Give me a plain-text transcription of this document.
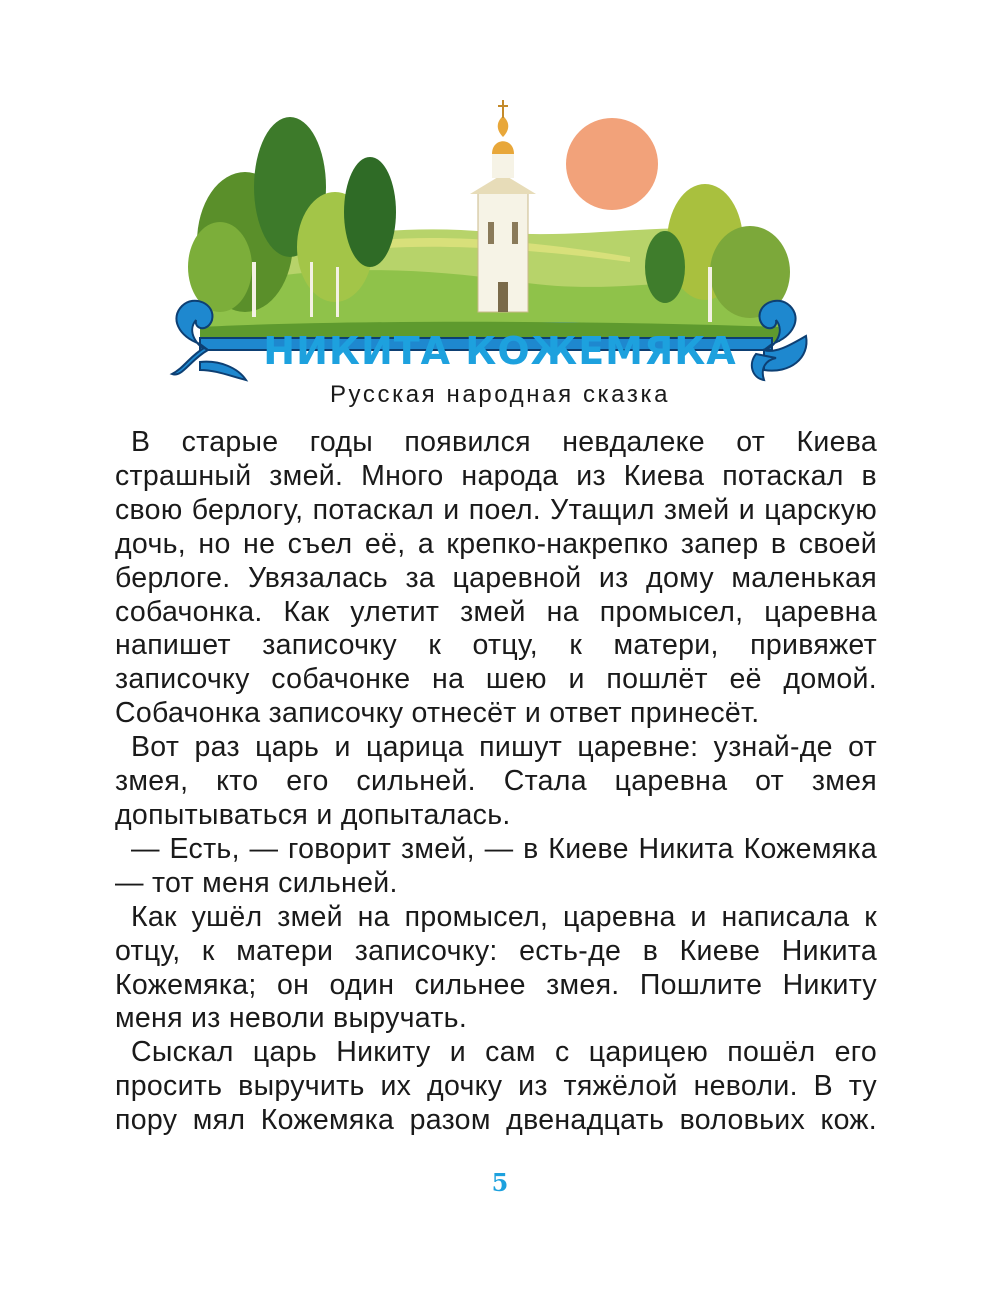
НИКИТА КОЖЕМЯКА
Русская народная сказка

В старые годы появился невдалеке от Киева страшный змей. Много народа из Киева потаскал в свою берлогу, потаскал и поел. Утащил змей и царскую дочь, но не съел её, а крепко-накрепко запер в своей берлоге. Увязалась за царевной из дому маленькая собачонка. Как улетит змей на промысел, царевна напишет записочку к отцу, к матери, привяжет записочку собачонке на шею и пошлёт её домой. Собачонка записочку отнесёт и ответ принесёт.

Вот раз царь и царица пишут царевне: узнай-де от змея, кто его сильней. Стала царевна от змея допытываться и допыталась.

— Есть, — говорит змей, — в Киеве Никита Кожемяка — тот меня сильней.

Как ушёл змей на промысел, царевна и написала к отцу, к матери записочку: есть-де в Киеве Никита Кожемяка; он один сильнее змея. Пошлите Никиту меня из неволи выручать.

Сыскал царь Никиту и сам с царицею пошёл его просить выручить их дочку из тяжёлой неволи. В ту пору мял Кожемяка разом двенадцать воловьих кож.

5
